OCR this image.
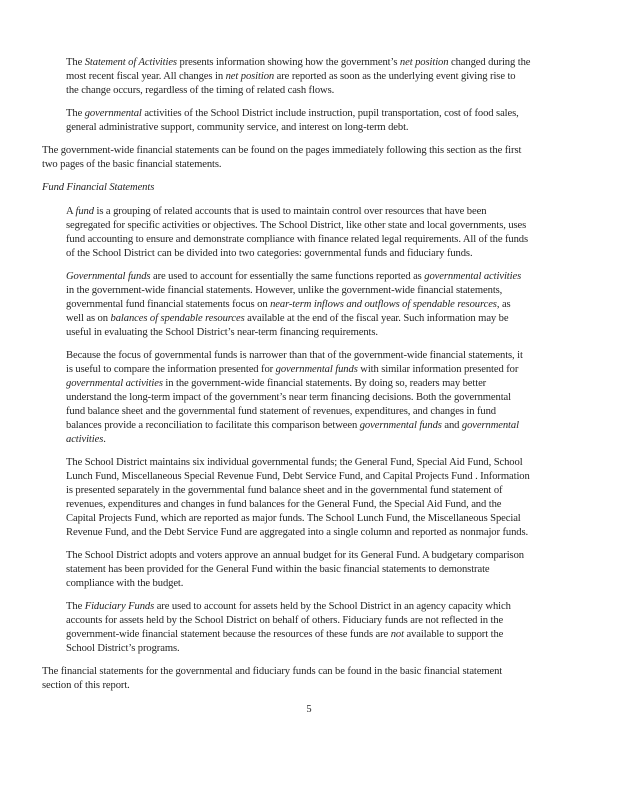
The Statement of Activities presents information showing how the government’s net position changed during the
most recent fiscal year. All changes in net position are reported as soon as the underlying event giving rise to
the change occurs, regardless of the timing of related cash flows.
The governmental activities of the School District include instruction, pupil transportation, cost of food sales,
general administrative support, community service, and interest on long-term debt.
The government-wide financial statements can be found on the pages immediately following this section as the first
two pages of the basic financial statements.
Fund Financial Statements
A fund is a grouping of related accounts that is used to maintain control over resources that have been
segregated for specific activities or objectives. The School District, like other state and local governments, uses
fund accounting to ensure and demonstrate compliance with finance related legal requirements. All of the funds
of the School District can be divided into two categories: governmental funds and fiduciary funds.
Governmental funds are used to account for essentially the same functions reported as governmental activities
in the government-wide financial statements. However, unlike the government-wide financial statements,
governmental fund financial statements focus on near-term inflows and outflows of spendable resources, as
well as on balances of spendable resources available at the end of the fiscal year. Such information may be
useful in evaluating the School District’s near-term financing requirements.
Because the focus of governmental funds is narrower than that of the government-wide financial statements, it
is useful to compare the information presented for governmental funds with similar information presented for
governmental activities in the government-wide financial statements. By doing so, readers may better
understand the long-term impact of the government’s near term financing decisions. Both the governmental
fund balance sheet and the governmental fund statement of revenues, expenditures, and changes in fund
balances provide a reconciliation to facilitate this comparison between governmental funds and governmental
activities.
The School District maintains six individual governmental funds; the General Fund, Special Aid Fund, School
Lunch Fund, Miscellaneous Special Revenue Fund, Debt Service Fund, and Capital Projects Fund . Information
is presented separately in the governmental fund balance sheet and in the governmental fund statement of
revenues, expenditures and changes in fund balances for the General Fund, the Special Aid Fund, and the
Capital Projects Fund, which are reported as major funds. The School Lunch Fund, the Miscellaneous Special
Revenue Fund, and the Debt Service Fund are aggregated into a single column and reported as nonmajor funds.
The School District adopts and voters approve an annual budget for its General Fund. A budgetary comparison
statement has been provided for the General Fund within the basic financial statements to demonstrate
compliance with the budget.
The Fiduciary Funds are used to account for assets held by the School District in an agency capacity which
accounts for assets held by the School District on behalf of others. Fiduciary funds are not reflected in the
government-wide financial statement because the resources of these funds are not available to support the
School District’s programs.
The financial statements for the governmental and fiduciary funds can be found in the basic financial statement
section of this report.
5
